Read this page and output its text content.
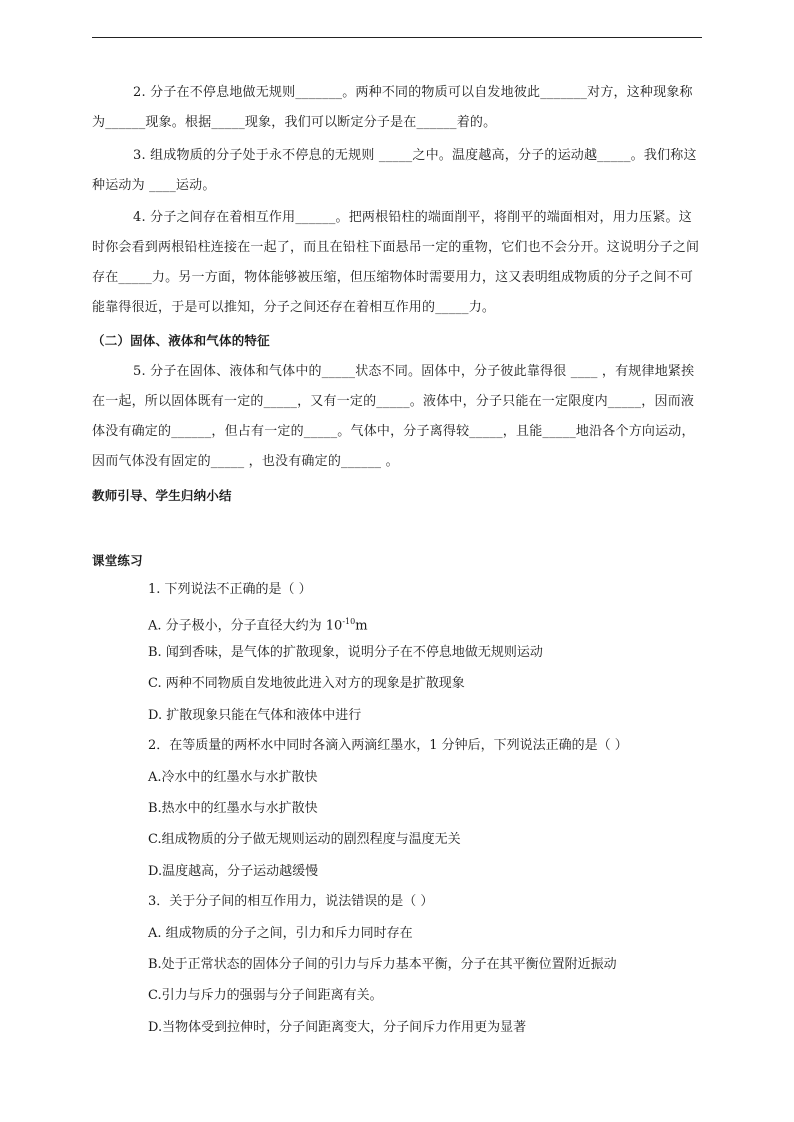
2. 分子在不停息地做无规则_______。两种不同的物质可以自发地彼此_______对方，这种现象称为______现象。根据_____现象，我们可以断定分子是在______着的。
3. 组成物质的分子处于永不停息的无规则 _____之中。温度越高，分子的运动越_____。我们称这种运动为 ____运动。
4. 分子之间存在着相互作用______。把两根铅柱的端面削平，将削平的端面相对，用力压紧。这时你会看到两根铅柱连接在一起了，而且在铅柱下面悬吊一定的重物，它们也不会分开。这说明分子之间存在_____力。另一方面，物体能够被压缩，但压缩物体时需要用力，这又表明组成物质的分子之间不可能靠得很近，于是可以推知，分子之间还存在着相互作用的_____力。
（二）固体、液体和气体的特征
5. 分子在固体、液体和气体中的_____状态不同。固体中，分子彼此靠得很 ____ ，有规律地紧挨在一起，所以固体既有一定的_____，又有一定的_____。液体中，分子只能在一定限度内_____，因而液体没有确定的______，但占有一定的_____。气体中，分子离得较_____，且能_____地沿各个方向运动，因而气体没有固定的_____ ，也没有确定的______ 。
教师引导、学生归纳小结
课堂练习
1. 下列说法不正确的是（ ）
A. 分子极小，分子直径大约为 $10^{-10}m$
B. 闻到香味，是气体的扩散现象，说明分子在不停息地做无规则运动
C. 两种不同物质自发地彼此进入对方的现象是扩散现象
D. 扩散现象只能在气体和液体中进行
2．在等质量的两杯水中同时各滴入两滴红墨水，1 分钟后，下列说法正确的是（ ）
A.冷水中的红墨水与水扩散快
B.热水中的红墨水与水扩散快
C.组成物质的分子做无规则运动的剧烈程度与温度无关
D.温度越高，分子运动越缓慢
3．关于分子间的相互作用力，说法错误的是（ ）
A. 组成物质的分子之间，引力和斥力同时存在
B.处于正常状态的固体分子间的引力与斥力基本平衡，分子在其平衡位置附近振动
C.引力与斥力的强弱与分子间距离有关。
D.当物体受到拉伸时，分子间距离变大，分子间斥力作用更为显著
